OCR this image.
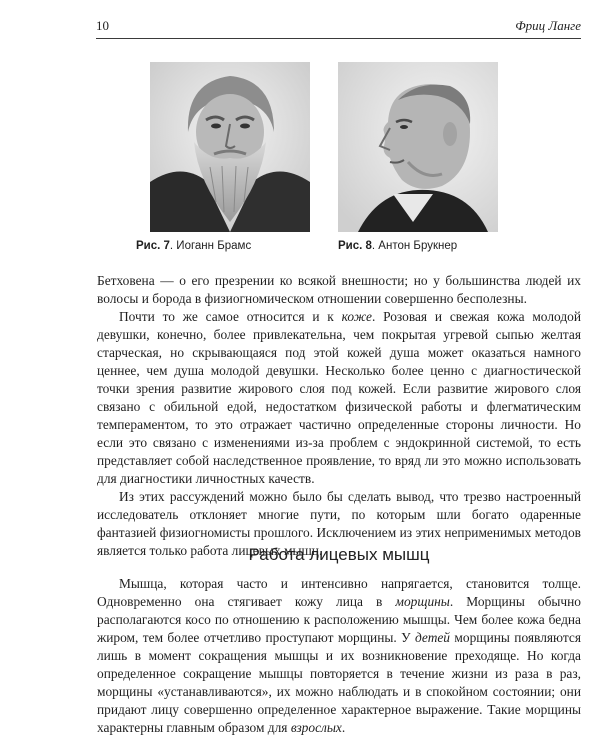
10	Фриц Ланге
Рис. 7. Иоганн Брамс	Рис. 8. Антон Брукнер

Бетховена — о его презрении ко всякой внешности; но у большинства людей их волосы и борода в физиогномическом отношении совершенно бесполезны.

Почти то же самое относится и к коже. Розовая и свежая кожа молодой девушки, конечно, более привлекательна, чем покрытая угревой сыпью желтая старческая, но скрывающаяся под этой кожей душа может оказаться намного ценнее, чем душа молодой девушки. Несколько более ценно с диагностической точки зрения развитие жирового слоя под кожей. Если развитие жирового слоя связано с обильной едой, недостатком физической работы и флегматическим темпераментом, то это отражает частично определенные стороны личности. Но если это связано с изменениями из-за проблем с эндокринной системой, то есть представляет собой наследственное проявление, то вряд ли это можно использовать для диагностики личностных качеств.

Из этих рассуждений можно было бы сделать вывод, что трезво настроенный исследователь отклоняет многие пути, по которым шли богато одаренные фантазией физиогномисты прошлого. Исключением из этих неприменимых методов является только работа лицевых мышц.

Работа лицевых мышц

Мышца, которая часто и интенсивно напрягается, становится толще. Одновременно она стягивает кожу лица в морщины. Морщины обычно располагаются косо по отношению к расположению мышцы. Чем более кожа бедна жиром, тем более отчетливо проступают морщины. У детей морщины появляются лишь в момент сокращения мышцы и их возникновение преходяще. Но когда определенное сокращение мышцы повторяется в течение жизни из раза в раз, морщины «устанавливаются», их можно наблюдать и в спокойном состоянии; они придают лицу совершенно определенное характерное выражение. Такие морщины характерны главным образом для взрослых.
